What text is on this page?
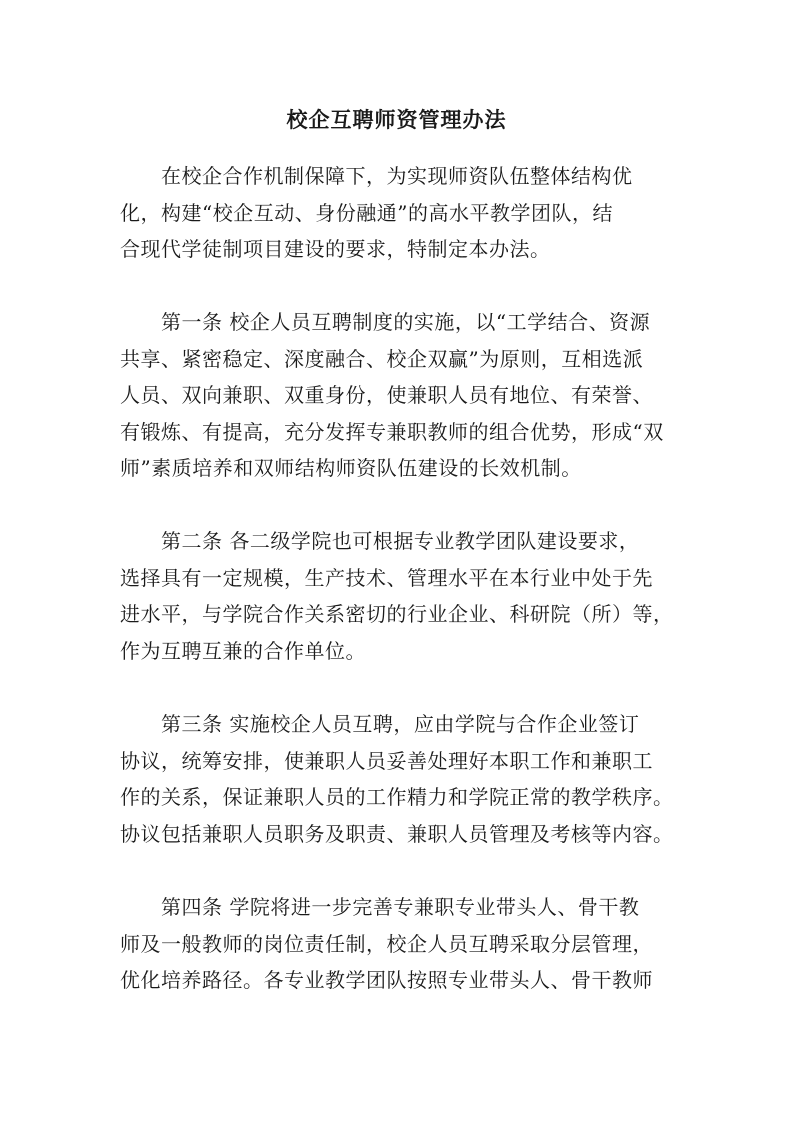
校企互聘师资管理办法

在校企合作机制保障下，为实现师资队伍整体结构优
化，构建“校企互动、身份融通”的高水平教学团队，结
合现代学徒制项目建设的要求，特制定本办法。

第一条 校企人员互聘制度的实施，以“工学结合、资源
共享、紧密稳定、深度融合、校企双赢”为原则，互相选派
人员、双向兼职、双重身份，使兼职人员有地位、有荣誉、
有锻炼、有提高，充分发挥专兼职教师的组合优势，形成“双
师”素质培养和双师结构师资队伍建设的长效机制。

第二条 各二级学院也可根据专业教学团队建设要求，
选择具有一定规模，生产技术、管理水平在本行业中处于先
进水平，与学院合作关系密切的行业企业、科研院（所）等，
作为互聘互兼的合作单位。

第三条 实施校企人员互聘，应由学院与合作企业签订
协议，统筹安排，使兼职人员妥善处理好本职工作和兼职工
作的关系，保证兼职人员的工作精力和学院正常的教学秩序。
协议包括兼职人员职务及职责、兼职人员管理及考核等内容。

第四条 学院将进一步完善专兼职专业带头人、骨干教
师及一般教师的岗位责任制，校企人员互聘采取分层管理，
优化培养路径。各专业教学团队按照专业带头人、骨干教师
